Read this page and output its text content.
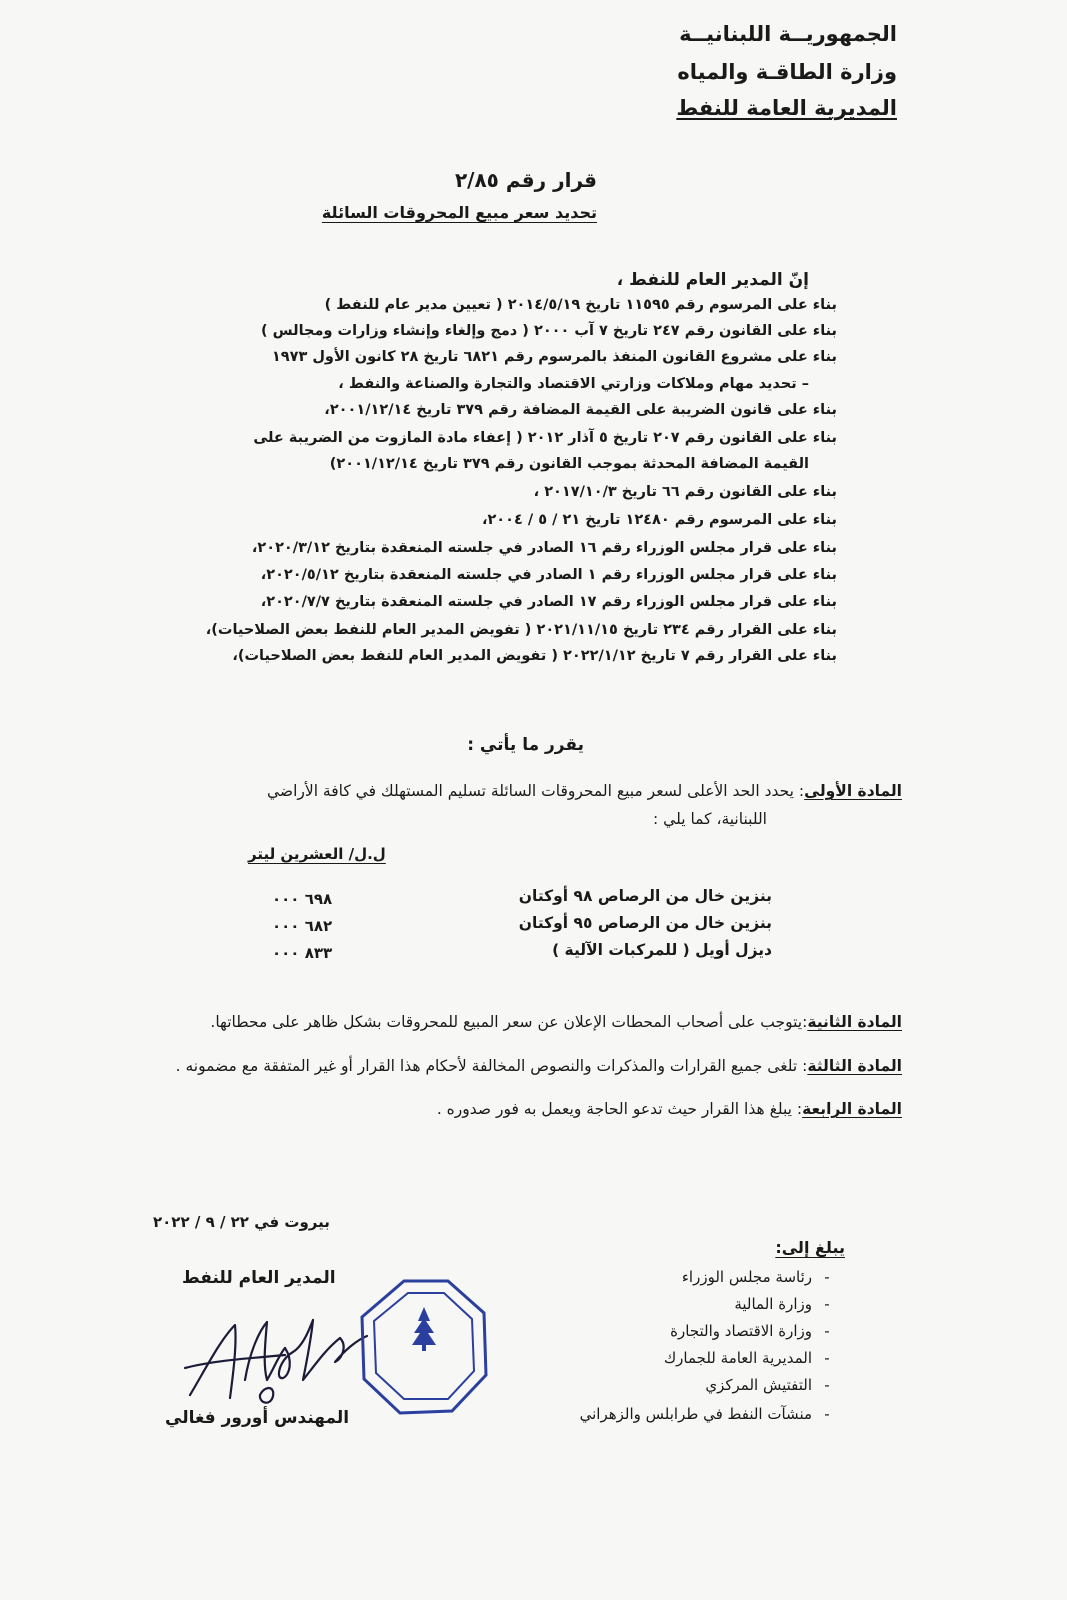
الجمهوريــة اللبنانيــة
وزارة الطاقـة والمياه
المديرية العامة للنفط
قرار رقم ٢/٨٥
تحديد سعر مبيع المحروقات السائلة
إنّ المدير العام للنفط ،
بناء على المرسوم رقم ١١٥٩٥ تاريخ ٢٠١٤/٥/١٩ ( تعيين مدير عام للنفط )
بناء على القانون رقم ٢٤٧ تاريخ ٧ آب ٢٠٠٠ ( دمج وإلغاء وإنشاء وزارات ومجالس )
بناء على مشروع القانون المنفذ بالمرسوم رقم ٦٨٢١ تاريخ ٢٨ كانون الأول ١٩٧٣
– تحديد مهام وملاكات وزارتي الاقتصاد والتجارة والصناعة والنفط ،
بناء على قانون الضريبة على القيمة المضافة رقم ٣٧٩ تاريخ ٢٠٠١/١٢/١٤،
بناء على القانون رقم ٢٠٧ تاريخ ٥ آذار ٢٠١٢ ( إعفاء مادة المازوت من الضريبة على
القيمة المضافة المحدثة بموجب القانون رقم ٣٧٩ تاريخ ٢٠٠١/١٢/١٤)
بناء على القانون رقم ٦٦ تاريخ ٢٠١٧/١٠/٣ ،
بناء على المرسوم رقم ١٢٤٨٠ تاريخ ٢١ / ٥ / ٢٠٠٤،
بناء على قرار مجلس الوزراء رقم ١٦ الصادر في جلسته المنعقدة بتاريخ ٢٠٢٠/٣/١٢،
بناء على قرار مجلس الوزراء رقم ١ الصادر في جلسته المنعقدة بتاريخ ٢٠٢٠/٥/١٢،
بناء على قرار مجلس الوزراء رقم ١٧ الصادر في جلسته المنعقدة بتاريخ ٢٠٢٠/٧/٧،
بناء على القرار رقم ٢٣٤ تاريخ ٢٠٢١/١١/١٥ ( تفويض المدير العام للنفط بعض الصلاحيات)،
بناء على القرار رقم ٧ تاريخ ٢٠٢٢/١/١٢ ( تفويض المدير العام للنفط بعض الصلاحيات)،
يقرر ما يأتي :
المادة الأولى: يحدد الحد الأعلى لسعر مبيع المحروقات السائلة تسليم المستهلك في كافة الأراضي
اللبنانية، كما يلي :
ل.ل/ العشرين ليتر
بنزين خال من الرصاص ٩٨ أوكتان
٦٩٨ ٠٠٠
بنزين خال من الرصاص ٩٥ أوكتان
٦٨٢ ٠٠٠
ديزل أويل ( للمركبات الآلية )
٨٣٣ ٠٠٠
المادة الثانية:يتوجب على أصحاب المحطات الإعلان عن سعر المبيع للمحروقات بشكل ظاهر على محطاتها.
المادة الثالثة: تلغى جميع القرارات والمذكرات والنصوص المخالفة لأحكام هذا القرار أو غير المتفقة مع مضمونه .
المادة الرابعة: يبلغ هذا القرار حيث تدعو الحاجة ويعمل به فور صدوره .
بيروت في ٢٢ / ٩ / ٢٠٢٢
يبلغ إلى:
-رئاسة مجلس الوزراء
-وزارة المالية
-وزارة الاقتصاد والتجارة
-المديرية العامة للجمارك
-التفتيش المركزي
-منشآت النفط في طرابلس والزهراني
المدير العام للنفط
المهندس أورور فغالي
